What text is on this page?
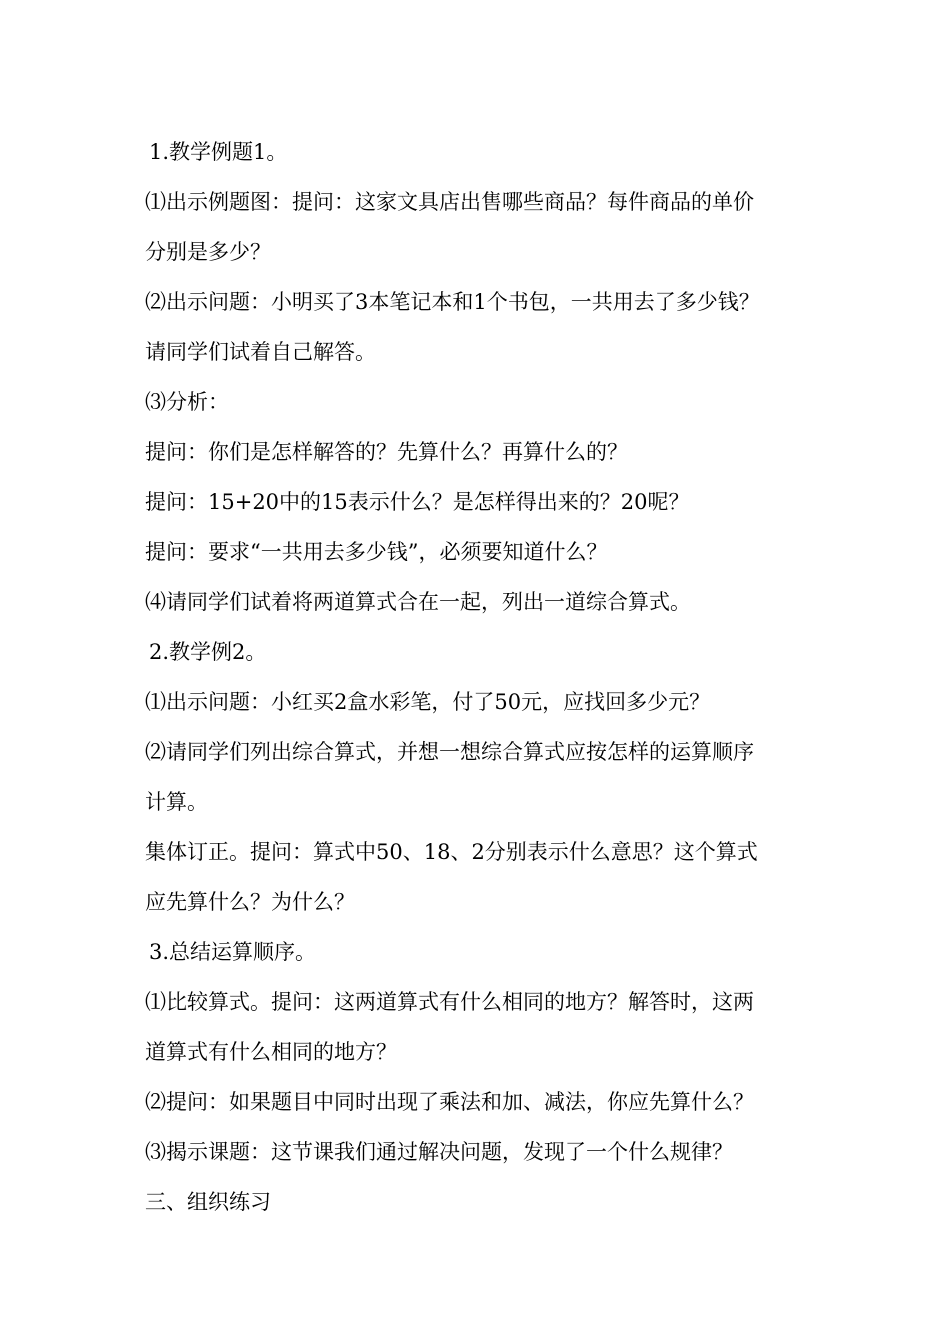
1.教学例题1。
⑴出示例题图：提问：这家文具店出售哪些商品？每件商品的单价
分别是多少？
⑵出示问题：小明买了3本笔记本和1个书包，一共用去了多少钱？
请同学们试着自己解答。
⑶分析：
提问：你们是怎样解答的？先算什么？再算什么的？
提问：15+20中的15表示什么？是怎样得出来的？20呢？
提问：要求“一共用去多少钱”，必须要知道什么？
⑷请同学们试着将两道算式合在一起，列出一道综合算式。
2.教学例2。
⑴出示问题：小红买2盒水彩笔，付了50元，应找回多少元？
⑵请同学们列出综合算式，并想一想综合算式应按怎样的运算顺序
计算。
集体订正。提问：算式中50、18、2分别表示什么意思？这个算式
应先算什么？为什么？
3.总结运算顺序。
⑴比较算式。提问：这两道算式有什么相同的地方？解答时，这两
道算式有什么相同的地方？
⑵提问：如果题目中同时出现了乘法和加、减法，你应先算什么？
⑶揭示课题：这节课我们通过解决问题，发现了一个什么规律？
三、组织练习
